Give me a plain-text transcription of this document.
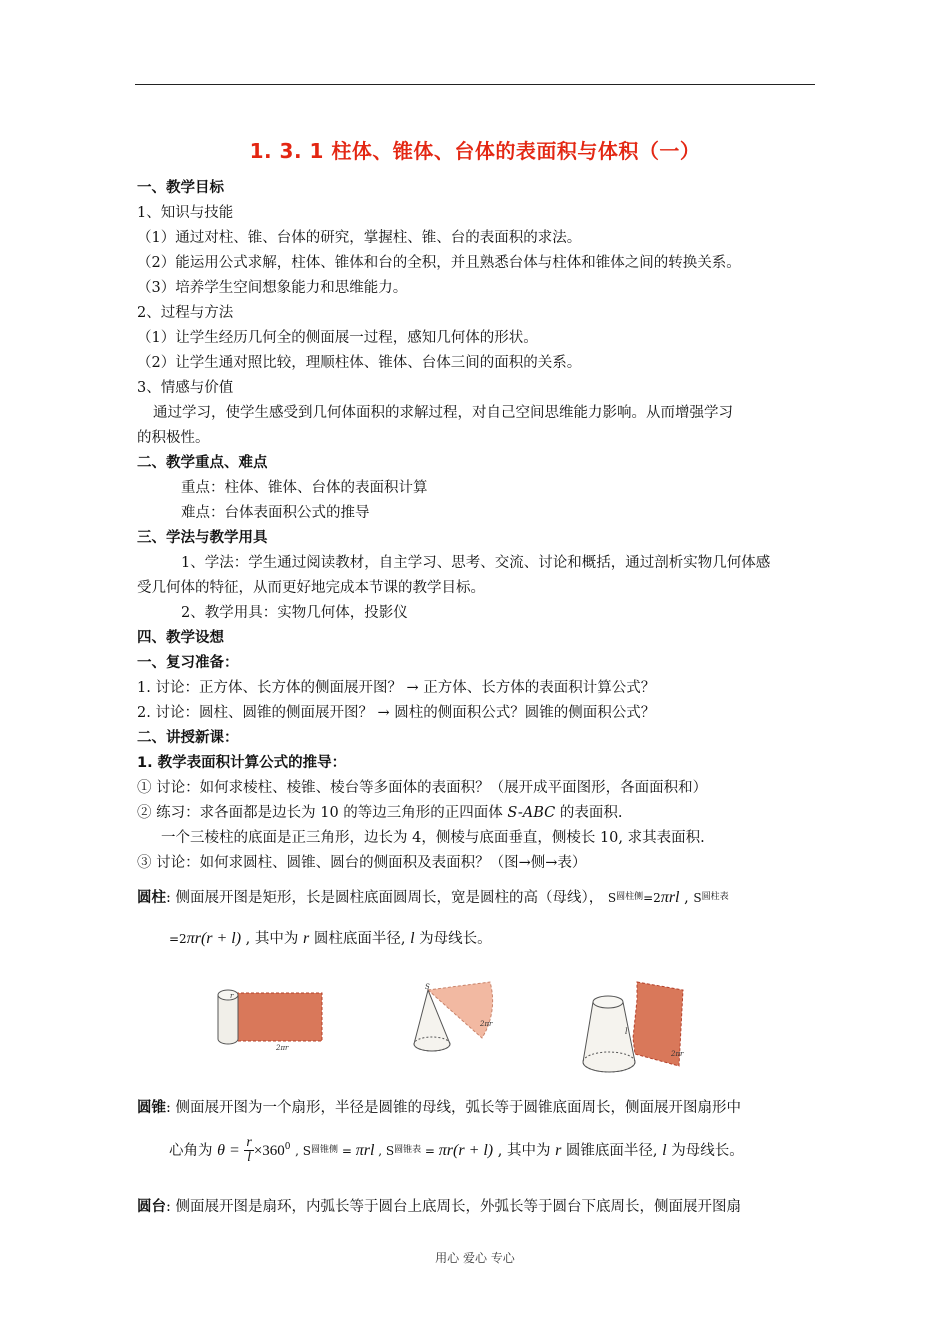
1. 3. 1 柱体、锥体、台体的表面积与体积（一）
一、教学目标
1、知识与技能
（1）通过对柱、锥、台体的研究，掌握柱、锥、台的表面积的求法。
（2）能运用公式求解，柱体、锥体和台的全积，并且熟悉台体与柱体和锥体之间的转换关系。
（3）培养学生空间想象能力和思维能力。
2、过程与方法
（1）让学生经历几何全的侧面展一过程，感知几何体的形状。
（2）让学生通对照比较，理顺柱体、锥体、台体三间的面积的关系。
3、情感与价值
通过学习，使学生感受到几何体面积的求解过程，对自己空间思维能力影响。从而增强学习
的积极性。
二、教学重点、难点
重点：柱体、锥体、台体的表面积计算
难点：台体表面积公式的推导
三、学法与教学用具
1、学法：学生通过阅读教材，自主学习、思考、交流、讨论和概括，通过剖析实物几何体感
受几何体的特征，从而更好地完成本节课的教学目标。
2、教学用具：实物几何体，投影仪
四、教学设想
一、复习准备：
1. 讨论：正方体、长方体的侧面展开图？ → 正方体、长方体的表面积计算公式？
2. 讨论：圆柱、圆锥的侧面展开图？ → 圆柱的侧面积公式？圆锥的侧面积公式？
二、讲授新课：
1. 教学表面积计算公式的推导：
① 讨论：如何求棱柱、棱锥、棱台等多面体的表面积？（展开成平面图形，各面面积和）
② 练习：求各面都是边长为 10 的等边三角形的正四面体 S-ABC 的表面积.
一个三棱柱的底面是正三角形，边长为 4，侧棱与底面垂直，侧棱长 10, 求其表面积.
③ 讨论：如何求圆柱、圆锥、圆台的侧面积及表面积？（图→侧→表）
圆柱: 侧面展开图是矩形，长是圆柱底面圆周长，宽是圆柱的高（母线）， $S^{圆柱侧}=2\pi rl$ , $S^{圆柱表}$
=2πr(r + l) , 其中为 r 圆柱底面半径, l 为母线长。
r
2πr
S
2πr
2πr
l
圆锥: 侧面展开图为一个扇形，半径是圆锥的母线，弧长等于圆锥底面周长，侧面展开图扇形中
心角为 $\theta = \frac{r}{l} \times 360^0$ , $S^{圆锥侧} = \pi rl$ , $S^{圆锥表} = \pi r(r + l)$ , 其中为 r 圆锥底面半径, l 为母线长。
圆台: 侧面展开图是扇环，内弧长等于圆台上底周长，外弧长等于圆台下底周长，侧面展开图扇
用心 爱心 专心
